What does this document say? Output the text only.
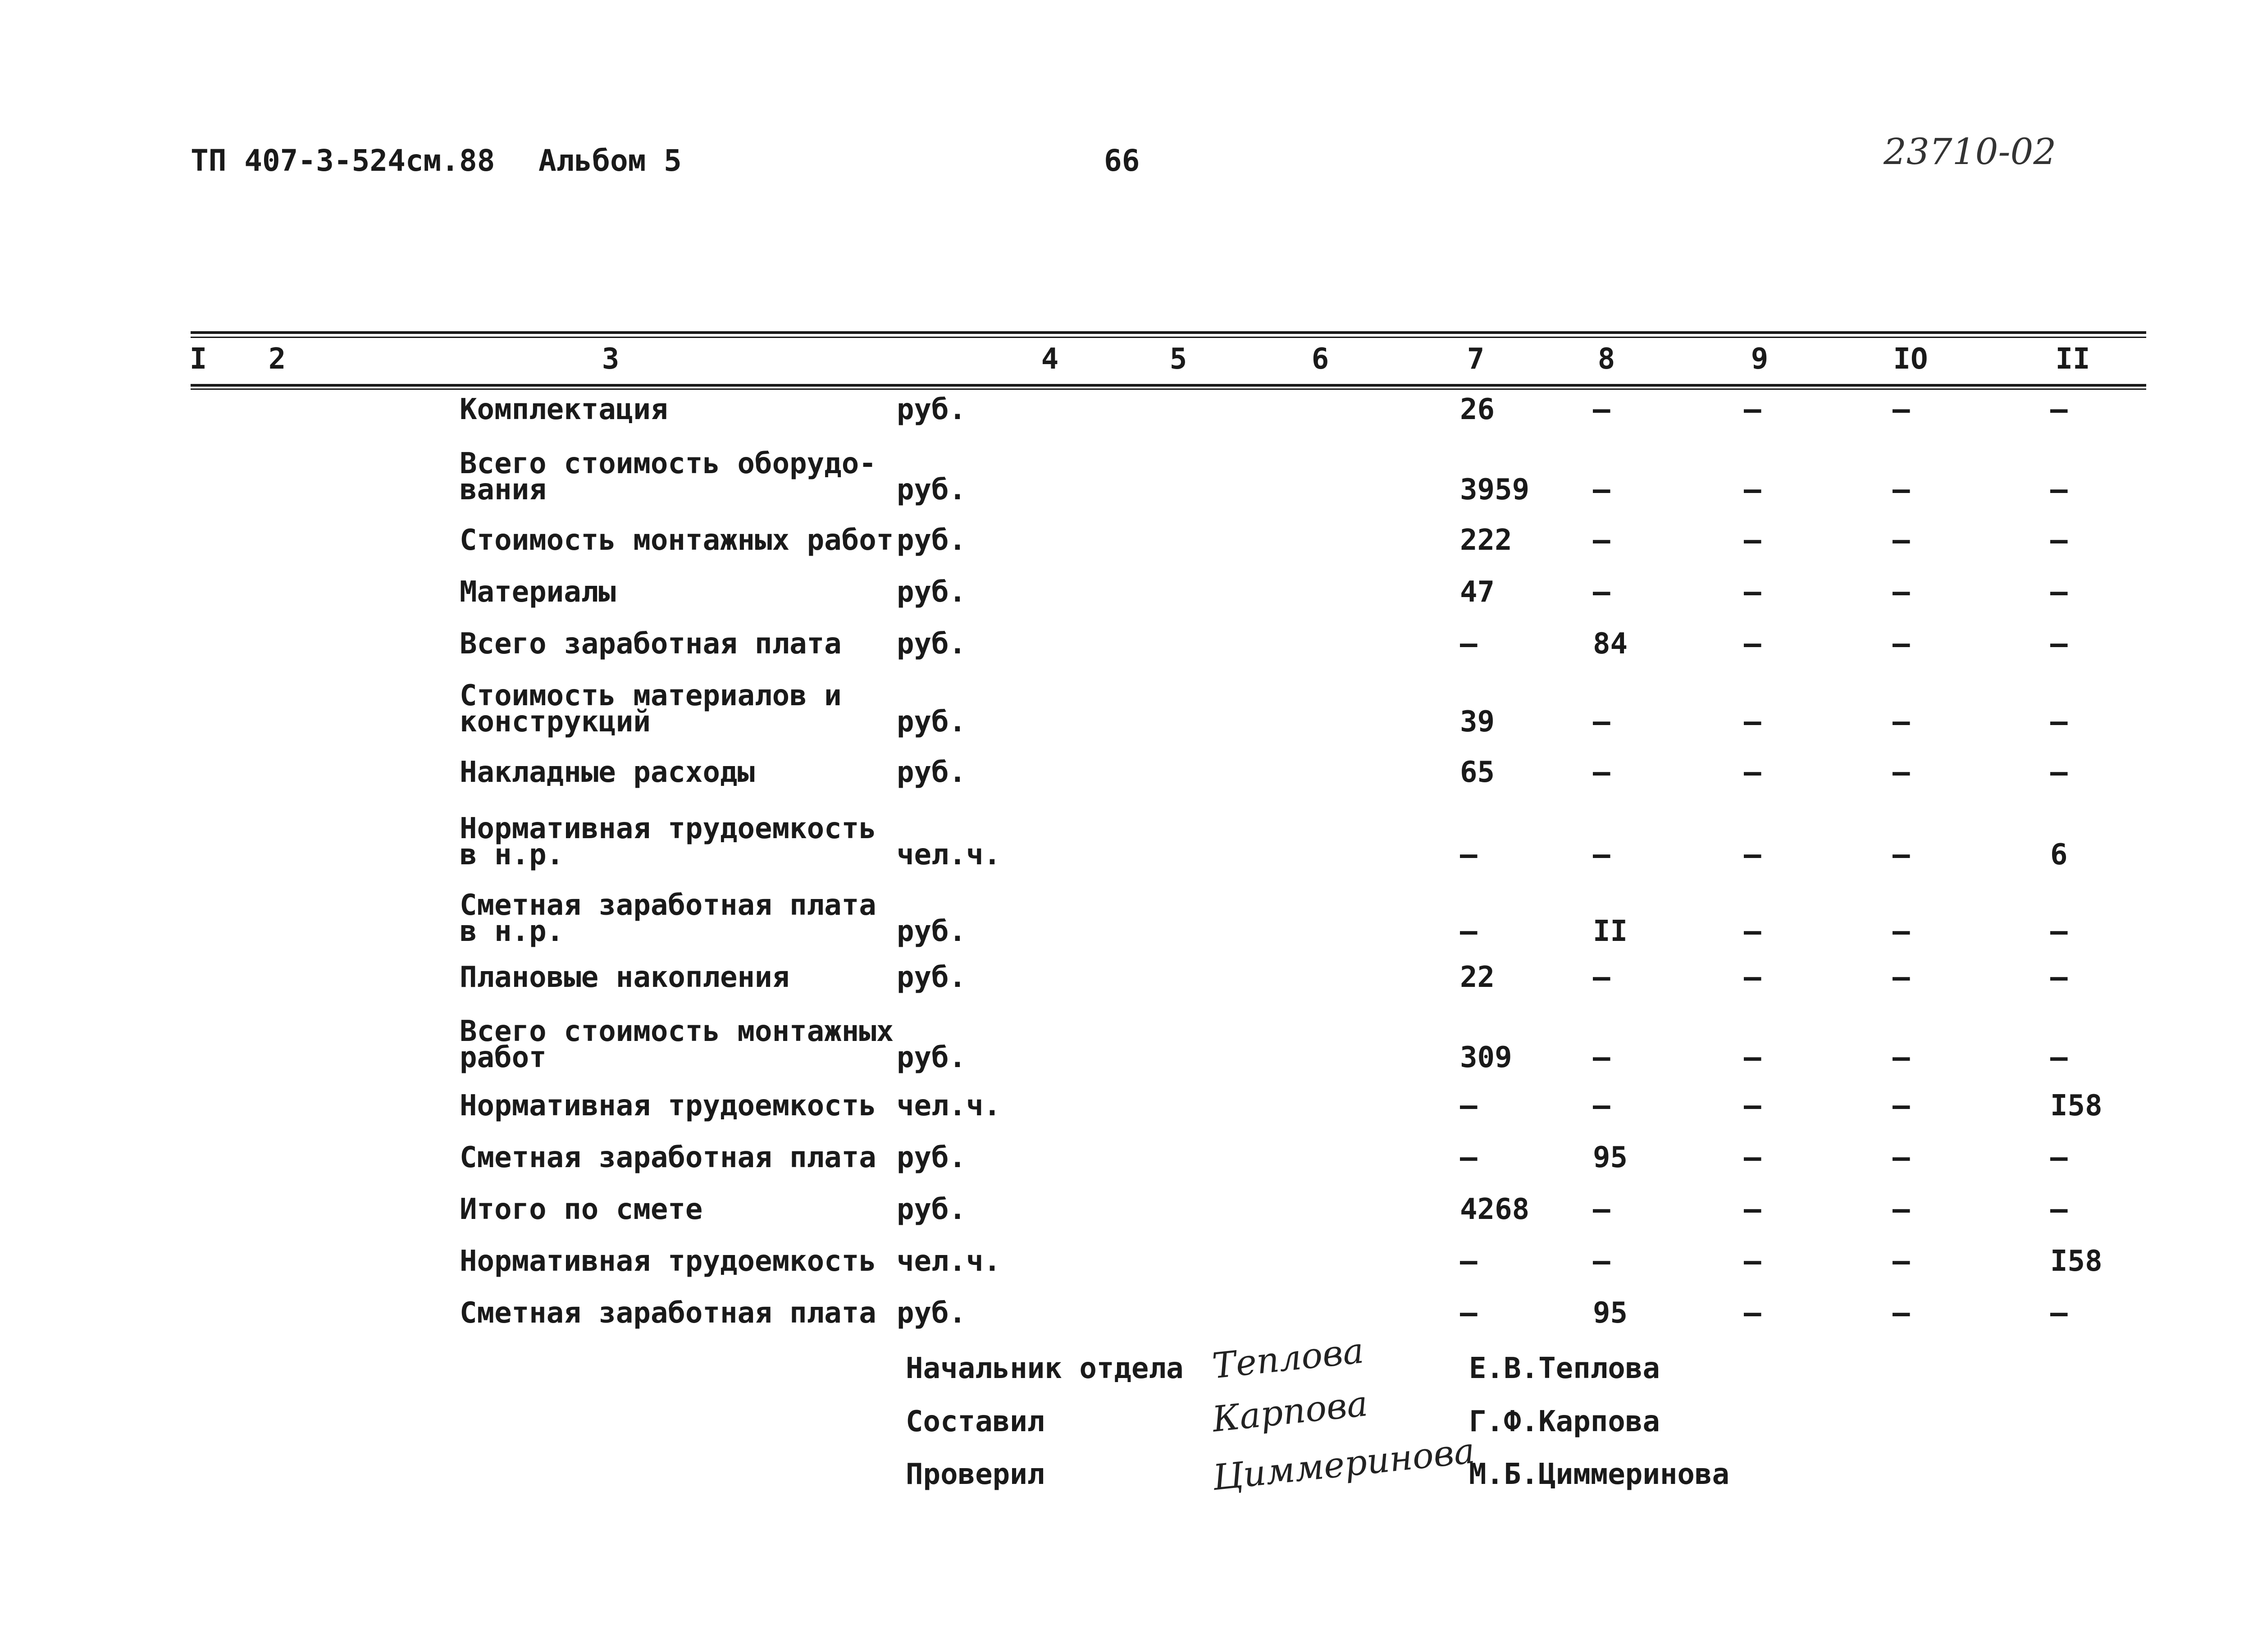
ТП 407-3-524см.88 Альбом 5	66	23710-02
I 2	3	4	5	6	7	8	9	IO	II
Комплектация	руб.	26	–	–	–	–
Всего стоимость оборудо-
вания	руб.	3959 –	–	–	–
Стоимость монтажных работ руб.	222	–	–	–	–
Материалы	руб.	47	–	–	–	–
Всего заработная плата руб.	–	84	–	–	–
Стоимость материалов и
конструкций	руб.	39	–	–	–	–
Накладные расходы	руб.	65	–	–	–	–
Нормативная трудоемкость
в н.р.	чел.ч.	–	–	–	–	6
Сметная заработная плата
в н.р.	руб.	–	II	–	–	–
Плановые накопления	руб.	22	–	–	–	–
Всего стоимость монтажных
работ	руб.	309	–	–	–	–
Нормативная трудоемкость чел.ч.	–	–	–	–	I58
Сметная заработная плата руб.	–	95	–	–	–
Итого по смете	руб.	4268 –	–	–	–
Нормативная трудоемкость чел.ч.	–	–	–	–	I58
Сметная заработная плата руб.	–	95	–	–	–
Начальник отдела Теплова	Е.В.Теплова
Составил	Карпова	Г.Ф.Карпова
Проверил	Циммеринова
М.Б.Циммеринова
